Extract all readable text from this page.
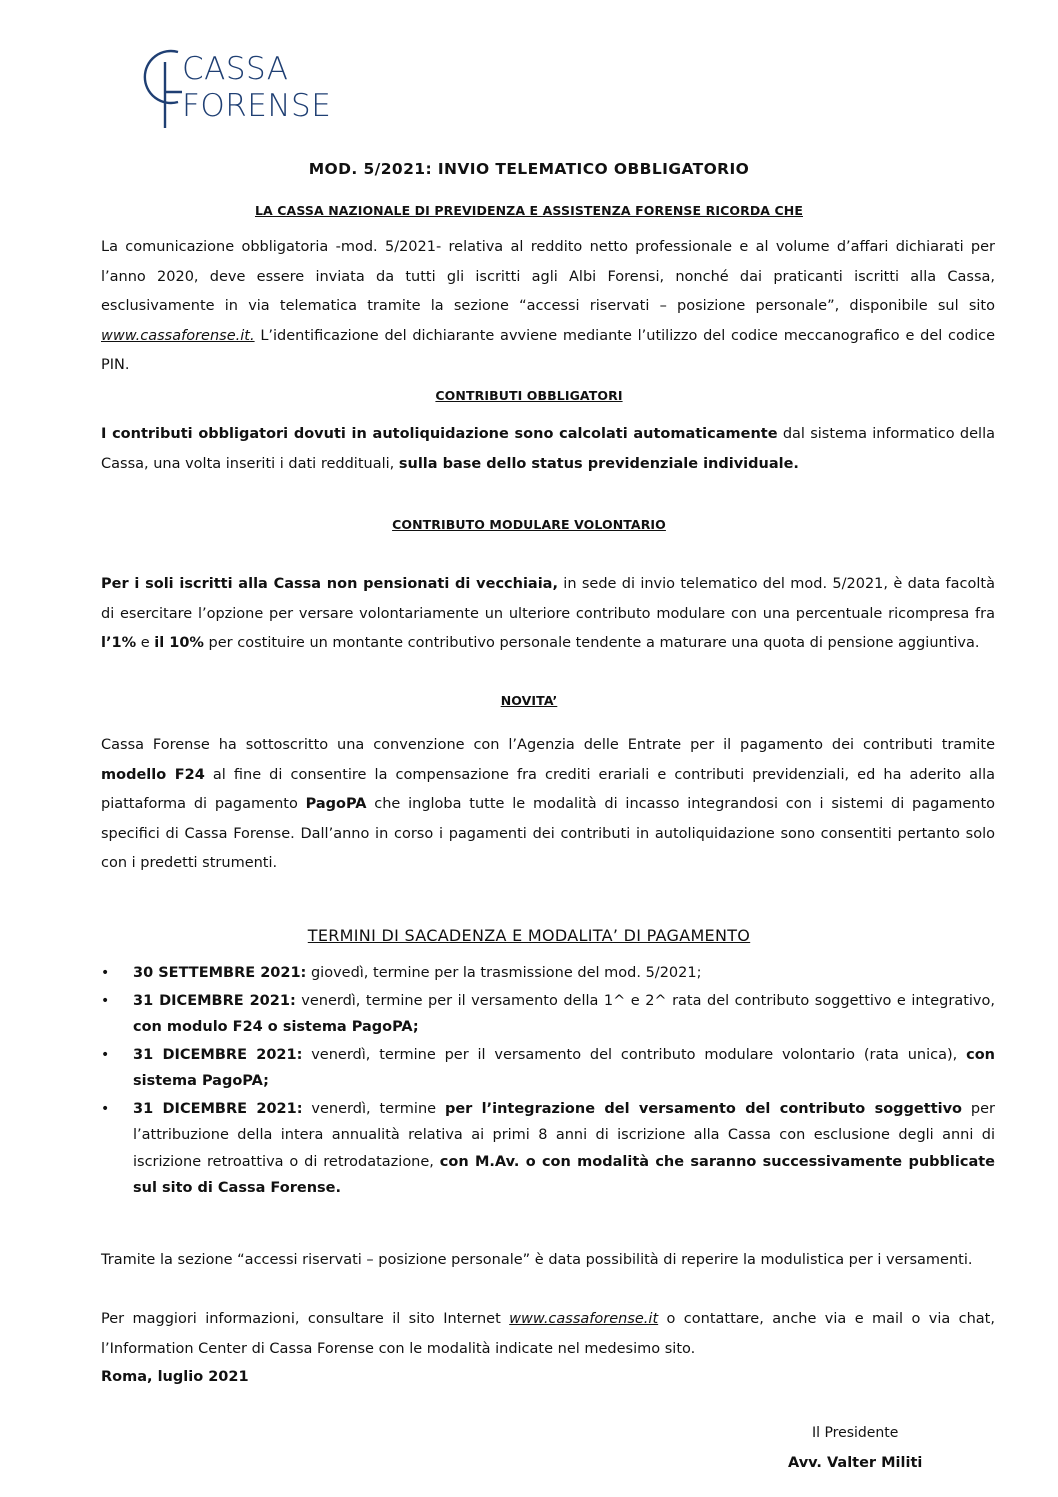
CASSA
FORENSE
MOD. 5/2021: INVIO TELEMATICO OBBLIGATORIO
LA CASSA NAZIONALE DI PREVIDENZA E ASSISTENZA FORENSE RICORDA CHE

La comunicazione obbligatoria -mod. 5/2021- relativa al reddito netto professionale e al volume d’affari dichiarati per l’anno 2020, deve essere inviata da tutti gli iscritti agli Albi Forensi, nonché dai praticanti iscritti alla Cassa, esclusivamente in via telematica tramite la sezione “accessi riservati – posizione personale”, disponibile sul sito www.cassaforense.it. L’identificazione del dichiarante avviene mediante l’utilizzo del codice meccanografico e del codice PIN.

CONTRIBUTI OBBLIGATORI

I contributi obbligatori dovuti in autoliquidazione sono calcolati automaticamente dal sistema informatico della Cassa, una volta inseriti i dati reddituali, sulla base dello status previdenziale individuale.

CONTRIBUTO MODULARE VOLONTARIO

Per i soli iscritti alla Cassa non pensionati di vecchiaia, in sede di invio telematico del mod. 5/2021, è data facoltà di esercitare l’opzione per versare volontariamente un ulteriore contributo modulare con una percentuale ricompresa fra l’1% e il 10% per costituire un montante contributivo personale tendente a maturare una quota di pensione aggiuntiva.

NOVITA’

Cassa Forense ha sottoscritto una convenzione con l’Agenzia delle Entrate per il pagamento dei contributi tramite modello F24 al fine di consentire la compensazione fra crediti erariali e contributi previdenziali, ed ha aderito alla piattaforma di pagamento PagoPA che ingloba tutte le modalità di incasso integrandosi con i sistemi di pagamento specifici di Cassa Forense. Dall’anno in corso i pagamenti dei contributi in autoliquidazione sono consentiti pertanto solo con i predetti strumenti.

TERMINI DI SACADENZA E MODALITA’ DI PAGAMENTO
• 30 SETTEMBRE 2021: giovedì, termine per la trasmissione del mod. 5/2021;
• 31 DICEMBRE 2021: venerdì, termine per il versamento della 1^ e 2^ rata del contributo soggettivo e integrativo, con modulo F24 o sistema PagoPA;
• 31 DICEMBRE 2021: venerdì, termine per il versamento del contributo modulare volontario (rata unica), con sistema PagoPA;
• 31 DICEMBRE 2021: venerdì, termine per l’integrazione del versamento del contributo soggettivo per l’attribuzione della intera annualità relativa ai primi 8 anni di iscrizione alla Cassa con esclusione degli anni di iscrizione retroattiva o di retrodatazione, con M.Av. o con modalità che saranno successivamente pubblicate sul sito di Cassa Forense.

Tramite la sezione “accessi riservati – posizione personale” è data possibilità di reperire la modulistica per i versamenti.

Per maggiori informazioni, consultare il sito Internet www.cassaforense.it o contattare, anche via e mail o via chat, l’Information Center di Cassa Forense con le modalità indicate nel medesimo sito.

Roma, luglio 2021
Il Presidente
Avv. Valter Militi
